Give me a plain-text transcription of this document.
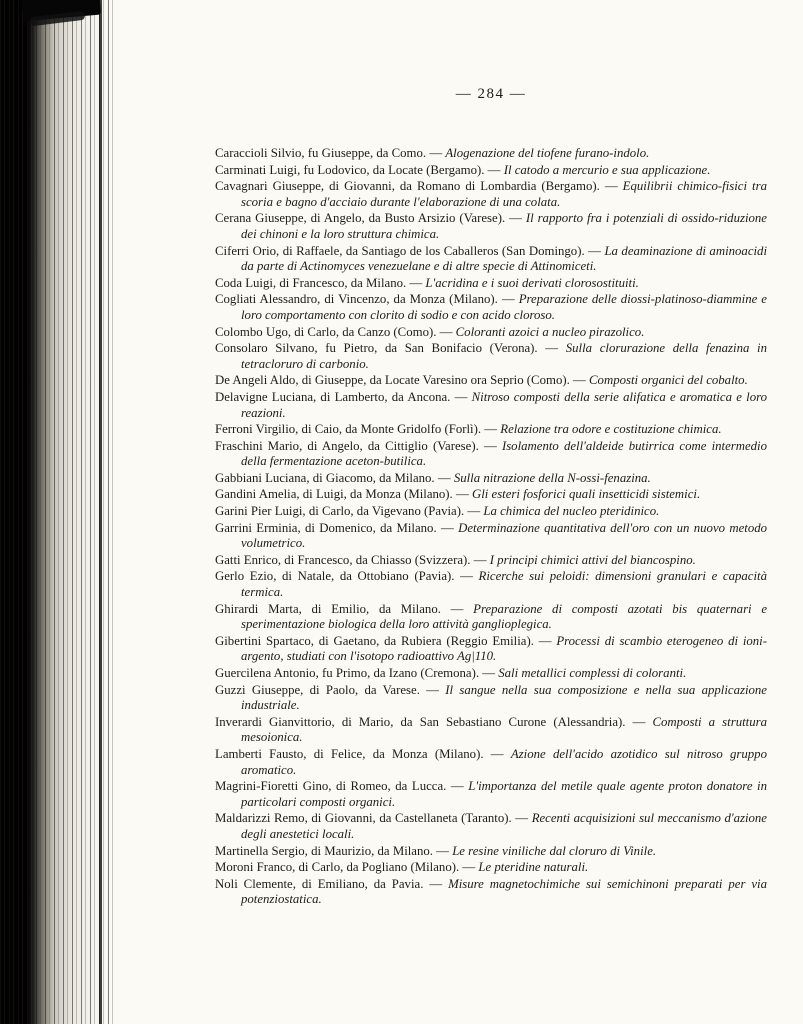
— 284 —

Caraccioli Silvio, fu Giuseppe, da Como. — Alogenazione del tiofene furano-indolo.

Carminati Luigi, fu Lodovico, da Locate (Bergamo). — Il catodo a mercurio e sua applicazione.

Cavagnari Giuseppe, di Giovanni, da Romano di Lombardia (Bergamo). — Equilibrii chimico-fisici tra scoria e bagno d'acciaio durante l'elaborazione di una colata.

Cerana Giuseppe, di Angelo, da Busto Arsizio (Varese). — Il rapporto fra i potenziali di ossido-riduzione dei chinoni e la loro struttura chimica.

Ciferri Orio, di Raffaele, da Santiago de los Caballeros (San Domingo). — La deaminazione di aminoacidi da parte di Actinomyces venezuelane e di altre specie di Attinomiceti.

Coda Luigi, di Francesco, da Milano. — L'acridina e i suoi derivati clorosostituiti.

Cogliati Alessandro, di Vincenzo, da Monza (Milano). — Preparazione delle diossi-platinoso-diammine e loro comportamento con clorito di sodio e con acido cloroso.

Colombo Ugo, di Carlo, da Canzo (Como). — Coloranti azoici a nucleo pirazolico.

Consolaro Silvano, fu Pietro, da San Bonifacio (Verona). — Sulla clorurazione della fenazina in tetracloruro di carbonio.

De Angeli Aldo, di Giuseppe, da Locate Varesino ora Seprio (Como). — Composti organici del cobalto.

Delavigne Luciana, di Lamberto, da Ancona. — Nitroso composti della serie alifatica e aromatica e loro reazioni.

Ferroni Virgilio, di Caio, da Monte Gridolfo (Forlì). — Relazione tra odore e costituzione chimica.

Fraschini Mario, di Angelo, da Cittiglio (Varese). — Isolamento dell'aldeide butirrica come intermedio della fermentazione aceton-butilica.

Gabbiani Luciana, di Giacomo, da Milano. — Sulla nitrazione della N-ossi-fenazina.

Gandini Amelia, di Luigi, da Monza (Milano). — Gli esteri fosforici quali insetticidi sistemici.

Garini Pier Luigi, di Carlo, da Vigevano (Pavia). — La chimica del nucleo pteridinico.

Garrini Erminia, di Domenico, da Milano. — Determinazione quantitativa dell'oro con un nuovo metodo volumetrico.

Gatti Enrico, di Francesco, da Chiasso (Svizzera). — I principi chimici attivi del biancospino.

Gerlo Ezio, di Natale, da Ottobiano (Pavia). — Ricerche sui peloidi: dimensioni granulari e capacità termica.

Ghirardi Marta, di Emilio, da Milano. — Preparazione di composti azotati bis quaternari e sperimentazione biologica della loro attività ganglioplegica.

Gibertini Spartaco, di Gaetano, da Rubiera (Reggio Emilia). — Processi di scambio eterogeneo di ioni-argento, studiati con l'isotopo radioattivo Ag|110.

Guercilena Antonio, fu Primo, da Izano (Cremona). — Sali metallici complessi di coloranti.

Guzzi Giuseppe, di Paolo, da Varese. — Il sangue nella sua composizione e nella sua applicazione industriale.

Inverardi Gianvittorio, di Mario, da San Sebastiano Curone (Alessandria). — Composti a struttura mesoionica.

Lamberti Fausto, di Felice, da Monza (Milano). — Azione dell'acido azotidico sul nitroso gruppo aromatico.

Magrini-Fioretti Gino, di Romeo, da Lucca. — L'importanza del metile quale agente proton donatore in particolari composti organici.

Maldarizzi Remo, di Giovanni, da Castellaneta (Taranto). — Recenti acquisizioni sul meccanismo d'azione degli anestetici locali.

Martinella Sergio, di Maurizio, da Milano. — Le resine viniliche dal cloruro di Vinile.

Moroni Franco, di Carlo, da Pogliano (Milano). — Le pteridine naturali.

Noli Clemente, di Emiliano, da Pavia. — Misure magnetochimiche sui semichinoni preparati per via potenziostatica.
